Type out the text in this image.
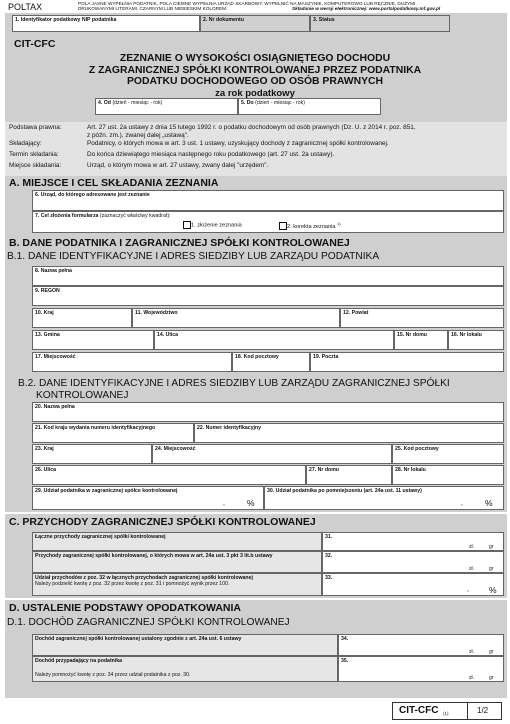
POLTAX	POLA JASNE WYPEŁNIA PODATNIK, POLA CIEMNE WYPEŁNIA URZĄD SKARBOWY. WYPEŁNIĆ NA MASZYNIE, KOMPUTEROWO LUB RĘCZNIE, DUŻYMI,
DRUKOWANYMI LITERAMI, CZARNYM LUB NIEBIESKIM KOLOREM.	Składanie w wersji elektronicznej: www.portalpodatkowy.mf.gov.pl
1. Identyfikator podatkowy NIP podatnika	2. Nr dokumentu	3. Status
CIT-CFC
ZEZNANIE O WYSOKOŚCI OSIĄGNIĘTEGO DOCHODU
Z ZAGRANICZNEJ SPÓŁKI KONTROLOWANEJ PRZEZ PODATNIKA
PODATKU DOCHODOWEGO OD OSÓB PRAWNYCH
za rok podatkowy
4. Od (dzień - miesiąc - rok)	5. Do (dzień - miesiąc - rok)
Podstawa prawna:	Art. 27 ust. 2a ustawy z dnia 15 lutego 1992 r. o podatku dochodowym od osób prawnych (Dz. U. z 2014 r. poz. 851,
z późn. zm.), zwanej dalej „ustawą".
Składający:	Podatnicy, o których mowa w art. 3 ust. 1 ustawy, uzyskujący dochody z zagranicznej spółki kontrolowanej.
Termin składania:	Do końca dziewiątego miesiąca następnego roku podatkowego (art. 27 ust. 2a ustawy).
Miejsce składania:	Urząd, o którym mowa w art. 27 ustawy, zwany dalej "urzędem".
A. MIEJSCE I CEL SKŁADANIA ZEZNANIA
6. Urząd, do którego adresowane jest zeznanie
7. Cel złożenia formularza (zaznaczyć właściwy kwadrat):
1. złożenie zeznania	2. korekta zeznania $^{1)}$
B. DANE PODATNIKA I ZAGRANICZNEJ SPÓŁKI KONTROLOWANEJ
B.1. DANE IDENTYFIKACYJNE I ADRES SIEDZIBY LUB ZARZĄDU PODATNIKA
8. Nazwa pełna
9. REGON
10. Kraj	11. Województwo	12. Powiat
13. Gmina	14. Ulica	15. Nr domu	16. Nr lokalu
17. Miejscowość	18. Kod pocztowy	19. Poczta
B.2. DANE IDENTYFIKACYJNE I ADRES SIEDZIBY LUB ZARZĄDU ZAGRANICZNEJ SPÓŁKI
KONTROLOWANEJ
20. Nazwa pełna
21. Kod kraju wydania numeru identyfikacyjnego	22. Numer identyfikacyjny
23. Kraj	24. Miejscowość	25. Kod pocztowy
26. Ulica	27. Nr domu	28. Nr lokalu
29. Udział podatnika w zagranicznej spółce kontrolowanej
,	%
30. Udział podatnika po pomniejszeniu (art. 24a ust. 11 ustawy)
,	%
C. PRZYCHODY ZAGRANICZNEJ SPÓŁKI KONTROLOWANEJ
Łączne przychody zagranicznej spółki kontrolowanej	31.
zł.	gr
Przychody zagranicznej spółki kontrolowanej, o których mowa w art. 24a ust. 3 pkt 3 lit.b ustawy	32.
zł.	gr
Udział przychodów z poz. 32 w łącznych przychodach zagranicznej spółki kontrolowanej
Należy podzielić kwotę z poz. 32 przez kwotę z poz. 31 i pomnożyć wynik przez 100.
33.
, %
D. USTALENIE PODSTAWY OPODATKOWANIA
D.1. DOCHÓD ZAGRANICZNEJ SPÓŁKI KONTROLOWANEJ
Dochód zagranicznej spółki kontrolowanej ustalony zgodnie z art. 24a ust. 6 ustawy	34.
zł.	gr
Dochód przypadający na podatnika
Należy pomnożyć kwotę z poz. 34 przez udział podatnika z poz. 30.
35.
zł.	gr
CIT-CFC (1)	1/2
